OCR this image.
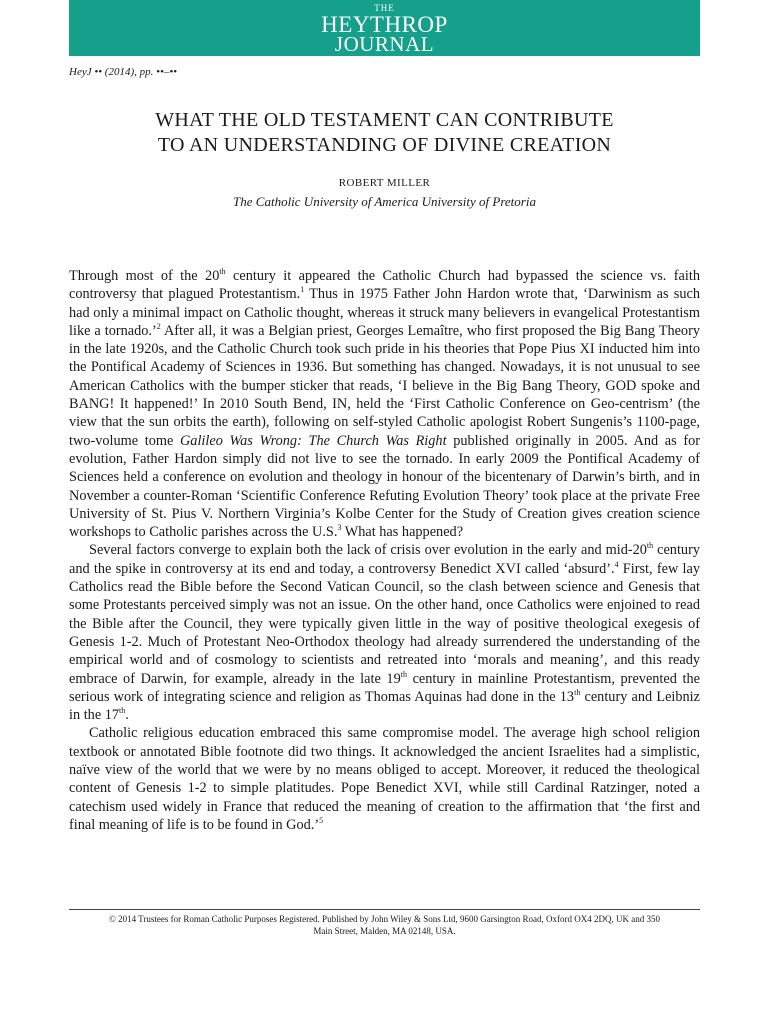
THE
HEYTHROP
JOURNAL
HeyJ •• (2014), pp. ••–••
WHAT THE OLD TESTAMENT CAN CONTRIBUTE
TO AN UNDERSTANDING OF DIVINE CREATION
ROBERT MILLER
The Catholic University of America University of Pretoria

Through most of the 20th century it appeared the Catholic Church had bypassed the science vs. faith controversy that plagued Protestantism.$^1$ Thus in 1975 Father John Hardon wrote that, ‘Darwinism as such had only a minimal impact on Catholic thought, whereas it struck many believers in evangelical Protestantism like a tornado.’$^2$ After all, it was a Belgian priest, Georges Lemaître, who first proposed the Big Bang Theory in the late 1920s, and the Catholic Church took such pride in his theories that Pope Pius XI inducted him into the Pontifical Academy of Sciences in 1936. But something has changed. Nowadays, it is not unusual to see American Catholics with the bumper sticker that reads, ‘I believe in the Big Bang Theory, GOD spoke and BANG! It happened!’ In 2010 South Bend, IN, held the ‘First Catholic Conference on Geo-centrism’ (the view that the sun orbits the earth), following on self-styled Catholic apologist Robert Sungenis’s 1100-page, two-volume tome Galileo Was Wrong: The Church Was Right published originally in 2005. And as for evolution, Father Hardon simply did not live to see the tornado. In early 2009 the Pontifical Academy of Sciences held a conference on evolution and theology in honour of the bicentenary of Darwin’s birth, and in November a counter-Roman ‘Scientific Conference Refuting Evolution Theory’ took place at the private Free University of St. Pius V. Northern Virginia’s Kolbe Center for the Study of Creation gives creation science workshops to Catholic parishes across the U.S.$^3$ What has happened?

Several factors converge to explain both the lack of crisis over evolution in the early and mid-20th century and the spike in controversy at its end and today, a controversy Benedict XVI called ‘absurd’.$^4$ First, few lay Catholics read the Bible before the Second Vatican Council, so the clash between science and Genesis that some Protestants perceived simply was not an issue. On the other hand, once Catholics were enjoined to read the Bible after the Council, they were typically given little in the way of positive theological exegesis of Genesis 1-2. Much of Protestant Neo-Orthodox theology had already surrendered the understanding of the empirical world and of cosmology to scientists and retreated into ‘morals and meaning’, and this ready embrace of Darwin, for example, already in the late 19th century in mainline Protestantism, prevented the serious work of integrating science and religion as Thomas Aquinas had done in the 13th century and Leibniz in the 17th.

Catholic religious education embraced this same compromise model. The average high school religion textbook or annotated Bible footnote did two things. It acknowledged the ancient Israelites had a simplistic, naïve view of the world that we were by no means obliged to accept. Moreover, it reduced the theological content of Genesis 1-2 to simple platitudes. Pope Benedict XVI, while still Cardinal Ratzinger, noted a catechism used widely in France that reduced the meaning of creation to the affirmation that ‘the first and final meaning of life is to be found in God.’$^5$

© 2014 Trustees for Roman Catholic Purposes Registered. Published by John Wiley & Sons Ltd, 9600 Garsington Road, Oxford OX4 2DQ, UK and 350
Main Street, Malden, MA 02148, USA.
